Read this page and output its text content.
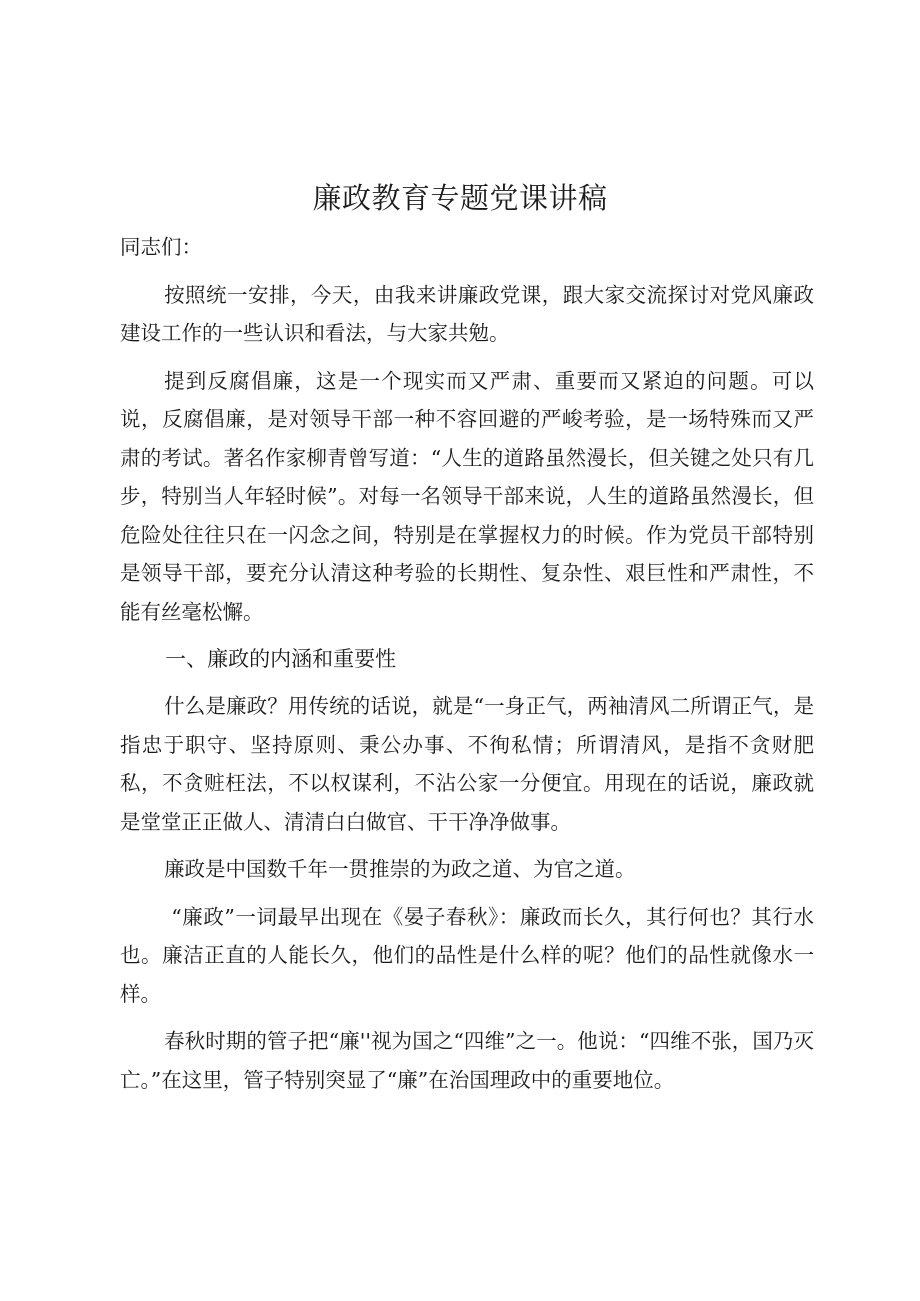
廉政教育专题党课讲稿

同志们：

按照统一安排，今天，由我来讲廉政党课，跟大家交流探讨对党风廉政建设工作的一些认识和看法，与大家共勉。

提到反腐倡廉，这是一个现实而又严肃、重要而又紧迫的问题。可以说，反腐倡廉，是对领导干部一种不容回避的严峻考验，是一场特殊而又严肃的考试。著名作家柳青曾写道：“人生的道路虽然漫长，但关键之处只有几步，特别当人年轻时候”。对每一名领导干部来说，人生的道路虽然漫长，但危险处往往只在一闪念之间，特别是在掌握权力的时候。作为党员干部特别是领导干部，要充分认清这种考验的长期性、复杂性、艰巨性和严肃性，不能有丝毫松懈。

一、廉政的内涵和重要性

什么是廉政？用传统的话说，就是“一身正气，两袖清风二所谓正气，是指忠于职守、坚持原则、秉公办事、不徇私情；所谓清风，是指不贪财肥私，不贪赃枉法，不以权谋利，不沾公家一分便宜。用现在的话说，廉政就是堂堂正正做人、清清白白做官、干干净净做事。

廉政是中国数千年一贯推崇的为政之道、为官之道。

“廉政”一词最早出现在《晏子春秋》：廉政而长久，其行何也？其行水也。廉洁正直的人能长久，他们的品性是什么样的呢？他们的品性就像水一样。

春秋时期的管子把“廉''视为国之“四维”之一。他说：“四维不张，国乃灭亡。”在这里，管子特别突显了“廉”在治国理政中的重要地位。
